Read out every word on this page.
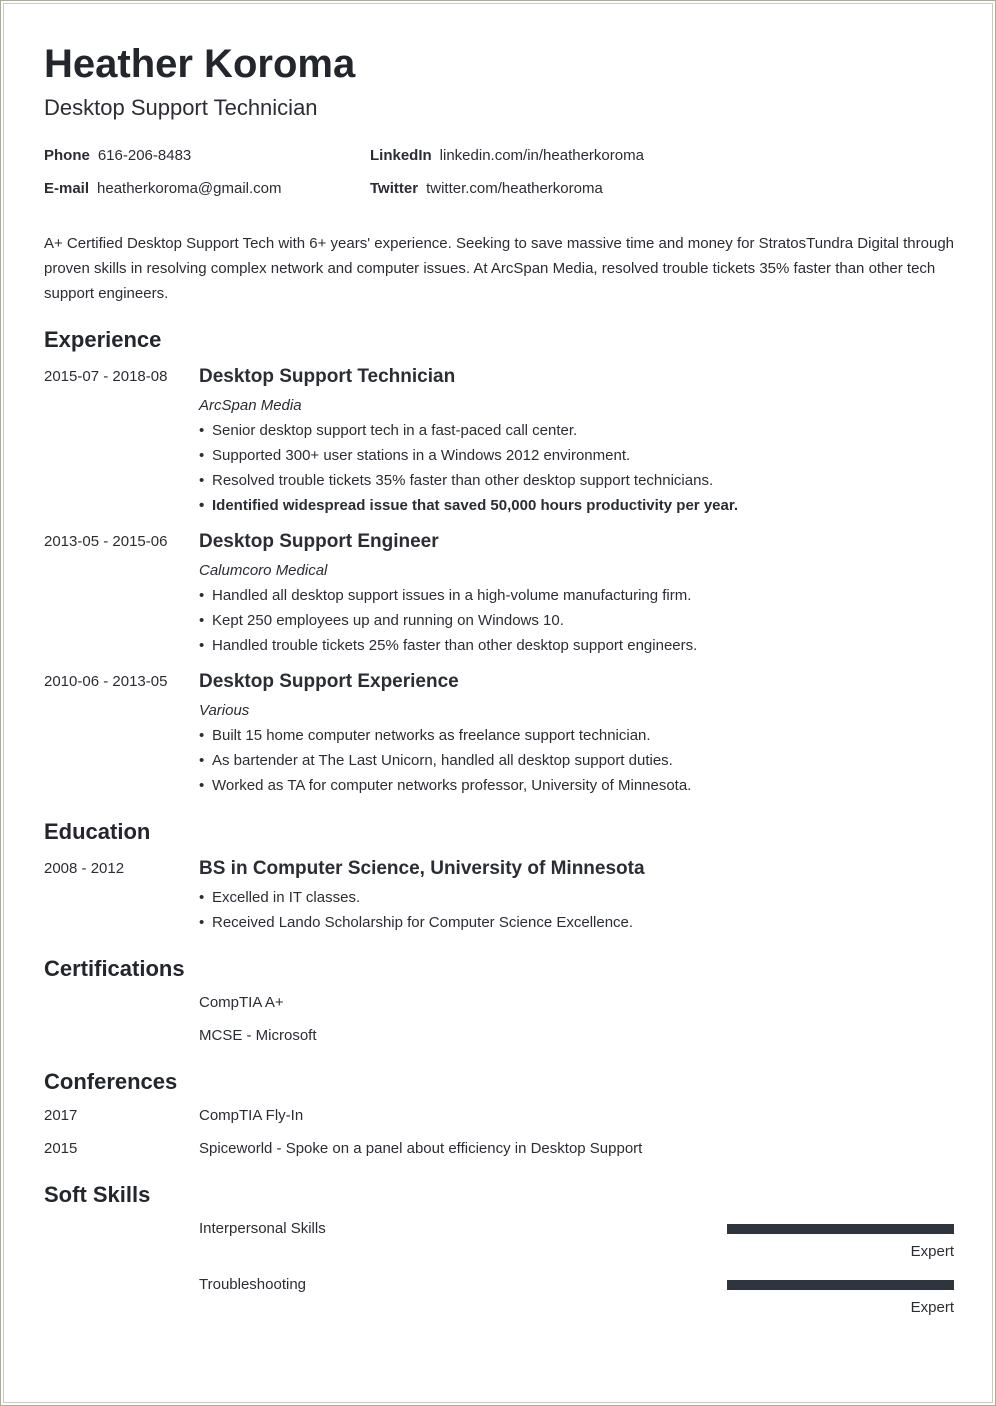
Heather Koroma
Desktop Support Technician
Phone 616-206-8483	LinkedIn linkedin.com/in/heatherkoroma
E-mail heatherkoroma@gmail.com	Twitter twitter.com/heatherkoroma

A+ Certified Desktop Support Tech with 6+ years' experience. Seeking to save massive time and money for StratosTundra Digital through proven skills in resolving complex network and computer issues. At ArcSpan Media, resolved trouble tickets 35% faster than other tech support engineers.

Experience
2015-07 - 2018-08 Desktop Support Technician
ArcSpan Media
• Senior desktop support tech in a fast-paced call center.
• Supported 300+ user stations in a Windows 2012 environment.
• Resolved trouble tickets 35% faster than other desktop support technicians.
• Identified widespread issue that saved 50,000 hours productivity per year.
2013-05 - 2015-06 Desktop Support Engineer
Calumcoro Medical
• Handled all desktop support issues in a high-volume manufacturing firm.
• Kept 250 employees up and running on Windows 10.
• Handled trouble tickets 25% faster than other desktop support engineers.
2010-06 - 2013-05 Desktop Support Experience
Various
• Built 15 home computer networks as freelance support technician.
• As bartender at The Last Unicorn, handled all desktop support duties.
• Worked as TA for computer networks professor, University of Minnesota.
Education
2008 - 2012	BS in Computer Science, University of Minnesota
• Excelled in IT classes.
• Received Lando Scholarship for Computer Science Excellence.
Certifications
CompTIA A+
MCSE - Microsoft
Conferences
2017	CompTIA Fly-In
2015	Spiceworld - Spoke on a panel about efficiency in Desktop Support
Soft Skills
Interpersonal Skills
Expert
Troubleshooting
Expert
